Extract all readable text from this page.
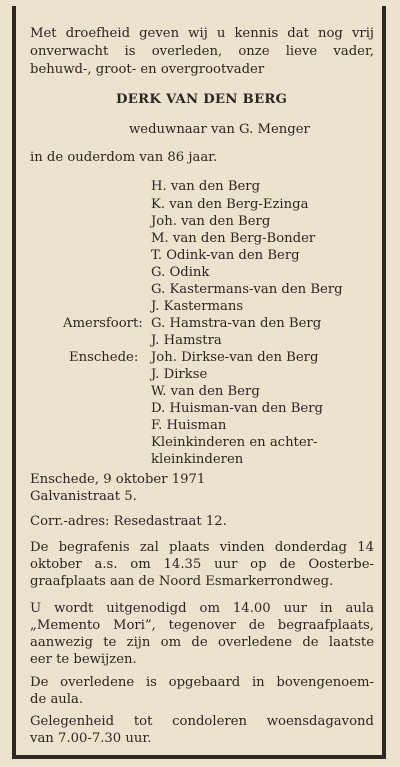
Met droefheid geven wij u kennis dat nog vrij
onverwacht is overleden, onze lieve vader,
behuwd-, groot- en overgrootvader
DERK VAN DEN BERG
weduwnaar van G. Menger
in de ouderdom van 86 jaar.
H. van den Berg
K. van den Berg-Ezinga
Joh. van den Berg
M. van den Berg-Bonder
T. Odink-van den Berg
G. Odink
G. Kastermans-van den Berg
J. Kastermans
Amersfoort: G. Hamstra-van den Berg
J. Hamstra
Enschede: Joh. Dirkse-van den Berg
J. Dirkse
W. van den Berg
D. Huisman-van den Berg
F. Huisman
Kleinkinderen en achter-
kleinkinderen
Enschede, 9 oktober 1971
Galvanistraat 5.
Corr.-adres: Resedastraat 12.
De begrafenis zal plaats vinden donderdag 14
oktober a.s. om 14.35 uur op de Oosterbe-
graafplaats aan de Noord Esmarkerrondweg.
U wordt uitgenodigd om 14.00 uur in aula
„Memento Mori”, tegenover de begraafplaats,
aanwezig te zijn om de overledene de laatste
eer te bewijzen.
De overledene is opgebaard in bovengenoem-
de aula.
Gelegenheid tot condoleren woensdagavond
van 7.00-7.30 uur.
